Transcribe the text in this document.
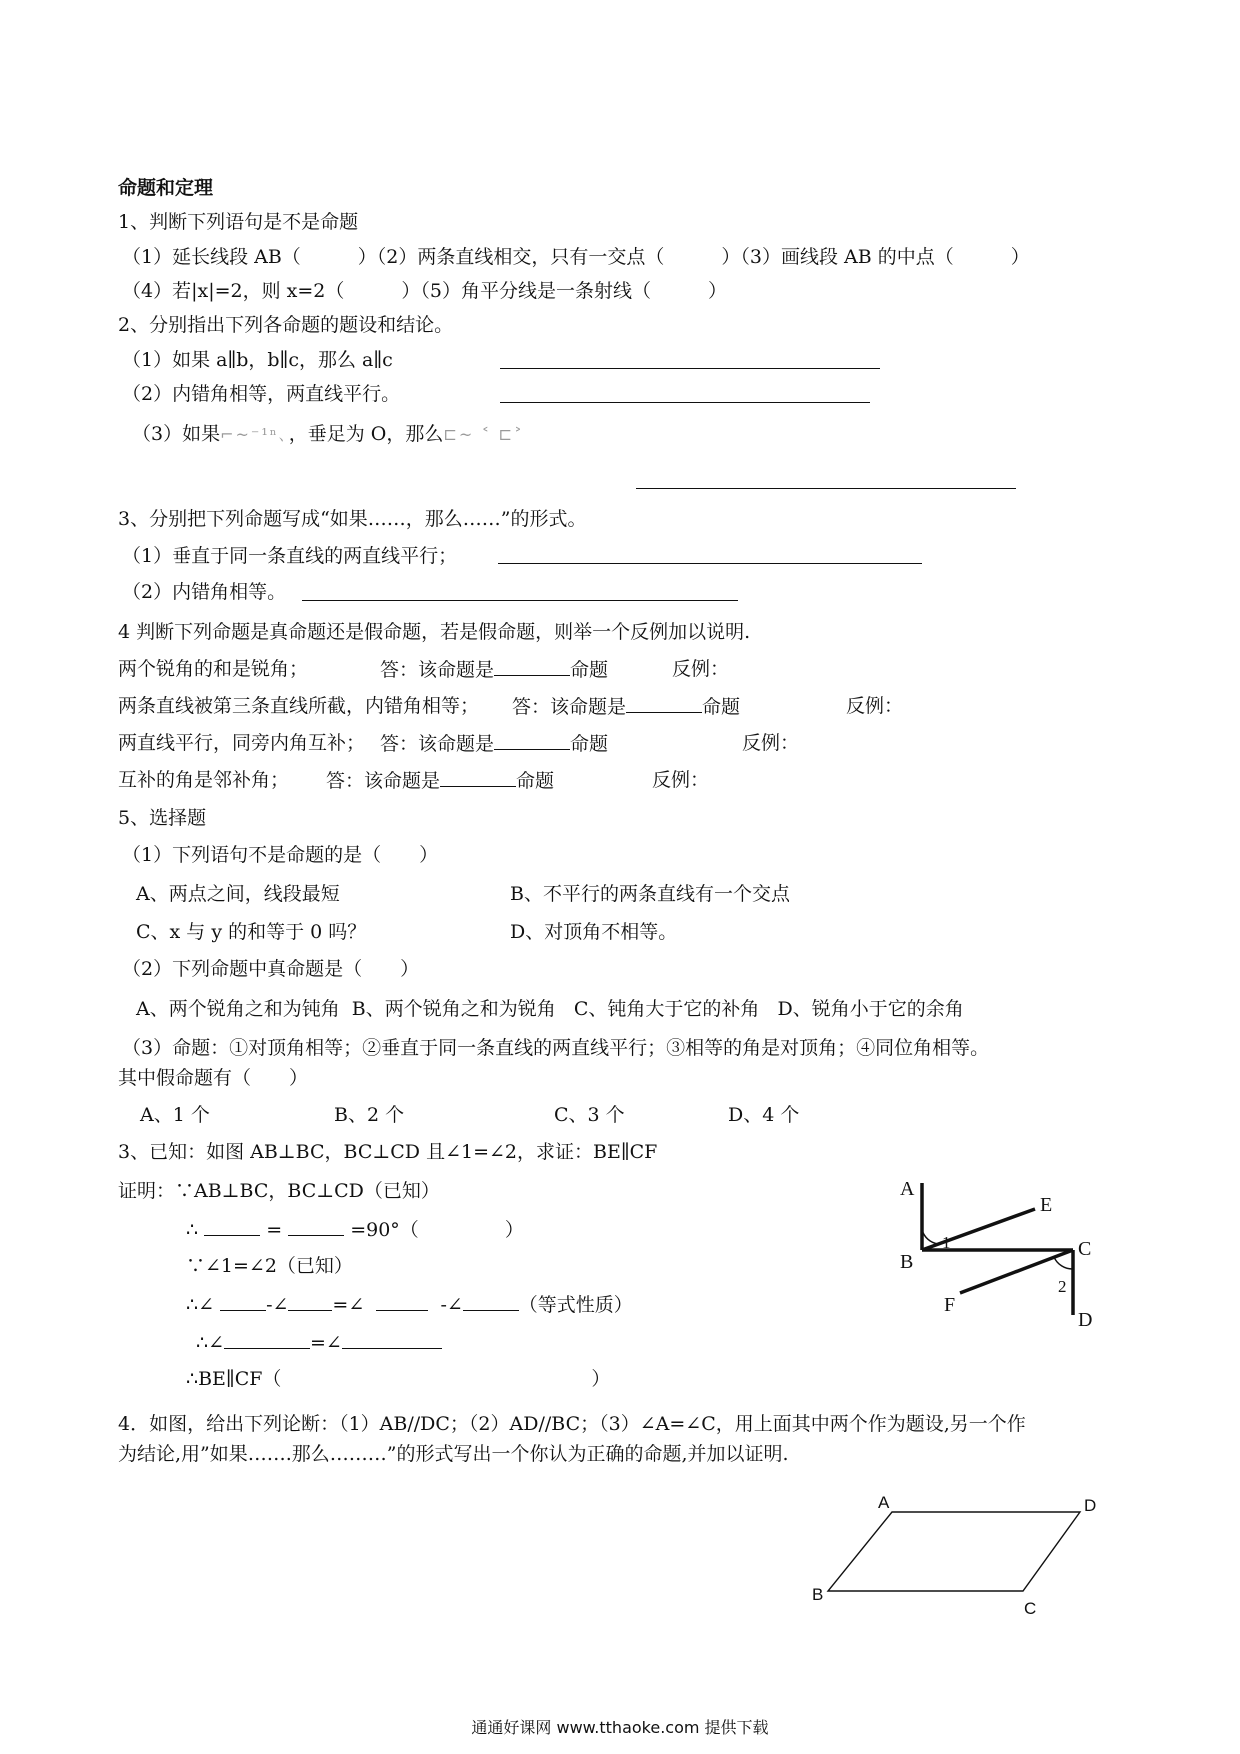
命题和定理
1、判断下列语句是不是命题
（1）延长线段 AB（　　　）（2）两条直线相交，只有一交点（　　　）（3）画线段 AB 的中点（　　　）
（4）若|x|=2，则 x=2（　　　）（5）角平分线是一条射线（　　　）
2、分别指出下列各命题的题设和结论。
（1）如果 a∥b，b∥c，那么 a∥c
（2）内错角相等，两直线平行。
（3）如果⌐~⁻¹ⁿ､，垂足为 O，那么⊏~ ˂ ⊏˃
3、分别把下列命题写成“如果……，那么……”的形式。
（1）垂直于同一条直线的两直线平行；
（2）内错角相等。
4 判断下列命题是真命题还是假命题，若是假命题，则举一个反例加以说明.
两个锐角的和是锐角；	答：该命题是	命题	反例：
两条直线被第三条直线所截，内错角相等； 答：该命题是	命题	反例：
两直线平行，同旁内角互补； 答：该命题是	命题	反例：
互补的角是邻补角； 答：该命题是	命题	反例：
5、选择题
（1）下列语句不是命题的是（　　）
A、两点之间，线段最短	B、不平行的两条直线有一个交点
C、x 与 y 的和等于 0 吗？	D、对顶角不相等。
（2）下列命题中真命题是（　　）
A、两个锐角之和为钝角  B、两个锐角之和为锐角   C、钝角大于它的补角   D、锐角小于它的余角
（3）命题：①对顶角相等；②垂直于同一条直线的两直线平行；③相等的角是对顶角；④同位角相等。
其中假命题有（　　）
A、1 个	B、2 个	C、3 个	D、4 个
3、已知：如图 AB⊥BC，BC⊥CD 且∠1=∠2，求证：BE∥CF
证明：∵AB⊥BC，BC⊥CD（已知）
∴	=	=90°（	）
∵∠1=∠2（已知）
∴∠	-∠ =∠	-∠	（等式性质）
∴∠	=∠
∴BE∥CF（	）
A
B
C
D
E
F
1
2
4．如图，给出下列论断：（1）AB//DC；（2）AD//BC；（3）∠A=∠C，用上面其中两个作为题设,另一个作
为结论,用”如果…….那么………”的形式写出一个你认为正确的命题,并加以证明.
A	D
B
C
通通好课网 www.tthaoke.com 提供下载
